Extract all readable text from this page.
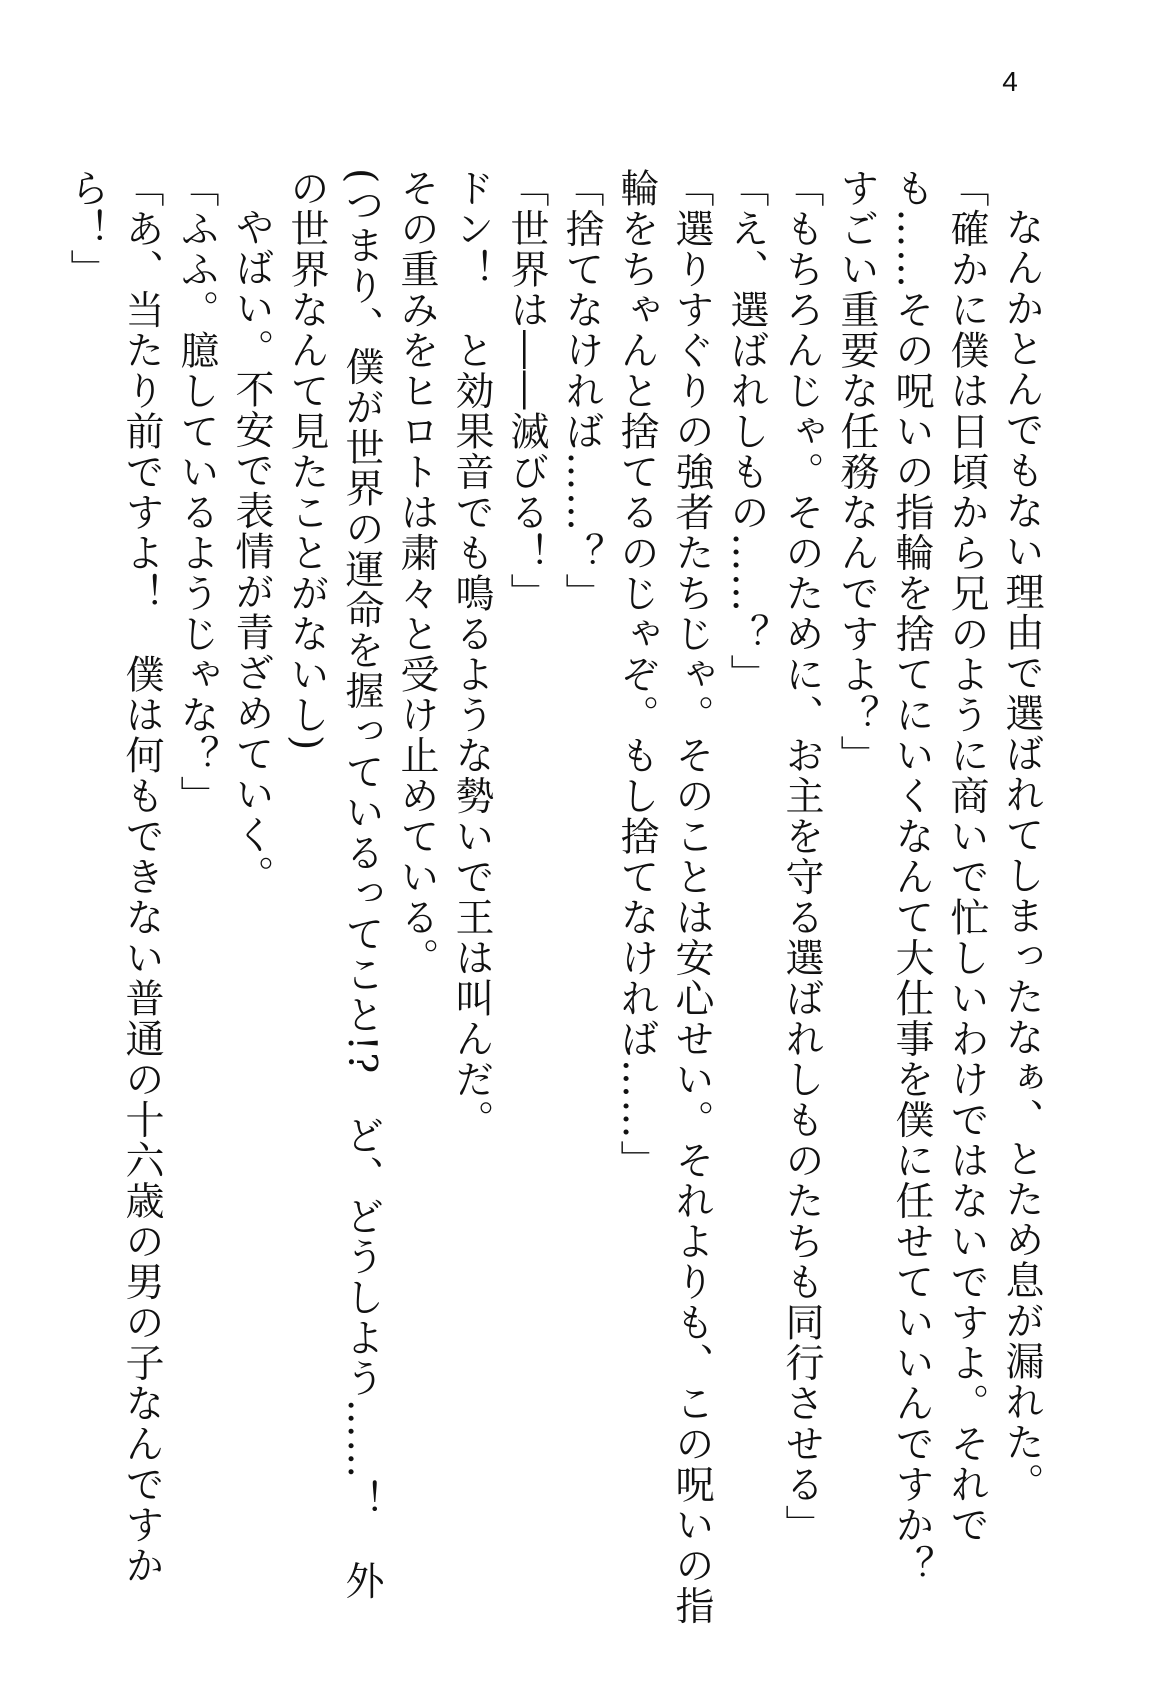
4

なんかとんでもない理由で選ばれてしまったなぁ、とため息が漏れた。

「確かに僕は日頃から兄のように商いで忙しいわけではないですよ。それでも……その呪いの指輪を捨てにいくなんて大仕事を僕に任せていいんですか？　すごい重要な任務なんですよ？」

「もちろんじゃ。そのために、お主を守る選ばれしものたちも同行させる」

「え、選ばれしもの……？」

「選りすぐりの強者たちじゃ。そのことは安心せい。それよりも、この呪いの指輪をちゃんと捨てるのじゃぞ。もし捨てなければ……」

「捨てなければ……？」

「世界は――滅びる！」

ドン！　と効果音でも鳴るような勢いで王は叫んだ。

その重みをヒロトは粛々と受け止めている。

(つまり、僕が世界の運命を握っているってこと!?　ど、どうしよう……！　外の世界なんて見たことがないし)

やばい。不安で表情が青ざめていく。

「ふふ。臆しているようじゃな？」

「あ、当たり前ですよ！　僕は何もできない普通の十六歳の男の子なんですから！」
